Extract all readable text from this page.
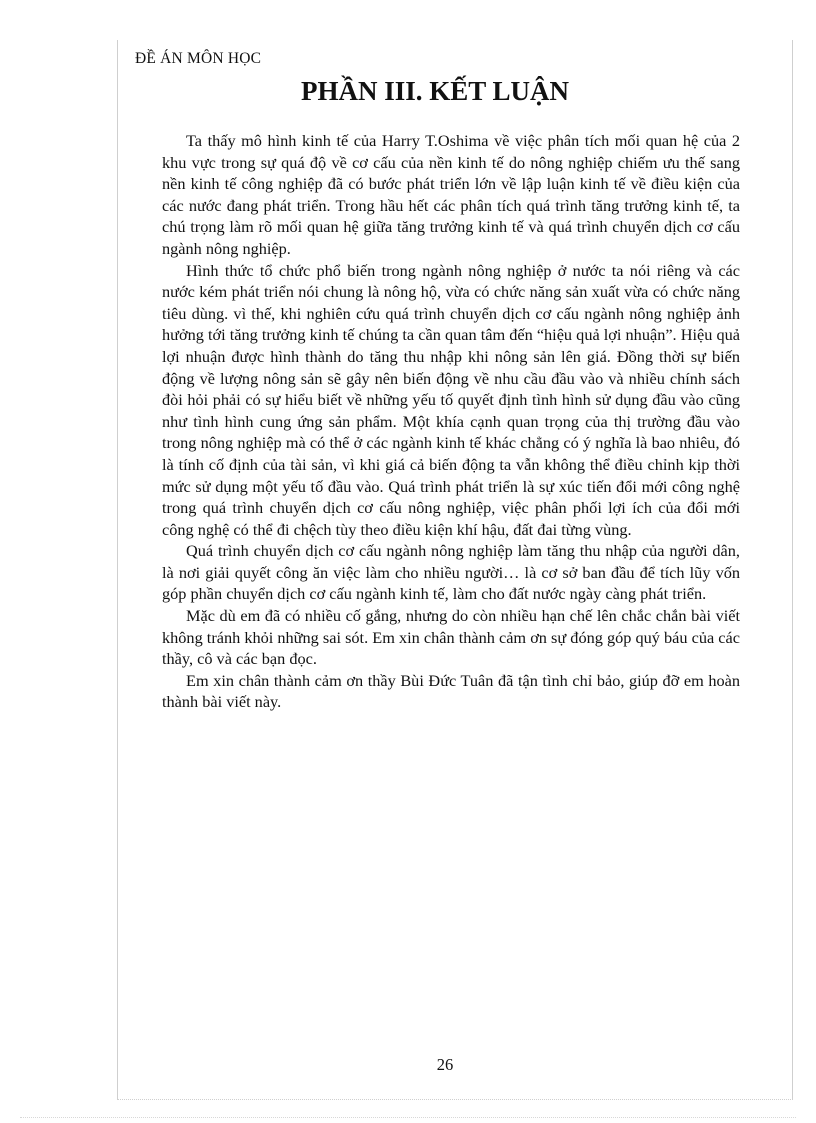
ĐỀ ÁN MÔN HỌC
PHẦN III. KẾT LUẬN

Ta thấy mô hình kinh tế của Harry T.Oshima về việc phân tích mối quan hệ của 2 khu vực trong sự quá độ về cơ cấu của nền kinh tế do nông nghiệp chiếm ưu thế sang nền kinh tế công nghiệp đã có bước phát triển lớn về lập luận kinh tế về điều kiện của các nước đang phát triển. Trong hầu hết các phân tích quá trình tăng trưởng kinh tế, ta chú trọng làm rõ mối quan hệ giữa tăng trưởng kinh tế và quá trình chuyển dịch cơ cấu ngành nông nghiệp.

Hình thức tổ chức phổ biến trong ngành nông nghiệp ở nước ta nói riêng và các nước kém phát triển nói chung là nông hộ, vừa có chức năng sản xuất vừa có chức năng tiêu dùng. vì thế, khi nghiên cứu quá trình chuyển dịch cơ cấu ngành nông nghiệp ảnh hưởng tới tăng trưởng kinh tế chúng ta cần quan tâm đến “hiệu quả lợi nhuận”. Hiệu quả lợi nhuận được hình thành do tăng thu nhập khi nông sản lên giá. Đồng thời sự biến động về lượng nông sản sẽ gây nên biến động về nhu cầu đầu vào và nhiều chính sách đòi hỏi phải có sự hiểu biết về những yếu tố quyết định tình hình sử dụng đầu vào cũng như tình hình cung ứng sản phẩm. Một khía cạnh quan trọng của thị trường đầu vào trong nông nghiệp mà có thể ở các ngành kinh tế khác chẳng có ý nghĩa là bao nhiêu, đó là tính cố định của tài sản, vì khi giá cả biến động ta vẫn không thể điều chỉnh kịp thời mức sử dụng một yếu tố đầu vào. Quá trình phát triển là sự xúc tiến đổi mới công nghệ trong quá trình chuyển dịch cơ cấu nông nghiệp, việc phân phối lợi ích của đổi mới công nghệ có thể đi chệch tùy theo điều kiện khí hậu, đất đai từng vùng.

Quá trình chuyển dịch cơ cấu ngành nông nghiệp làm tăng thu nhập của người dân, là nơi giải quyết công ăn việc làm cho nhiều người… là cơ sở ban đầu để tích lũy vốn góp phần chuyển dịch cơ cấu ngành kinh tế, làm cho đất nước ngày càng phát triển.

Mặc dù em đã có nhiều cố gắng, nhưng do còn nhiều hạn chế lên chắc chắn bài viết không tránh khỏi những sai sót. Em xin chân thành cảm ơn sự đóng góp quý báu của các thầy, cô và các bạn đọc.

Em xin chân thành cảm ơn thầy Bùi Đức Tuân đã tận tình chỉ bảo, giúp đỡ em hoàn thành bài viết này.

26
